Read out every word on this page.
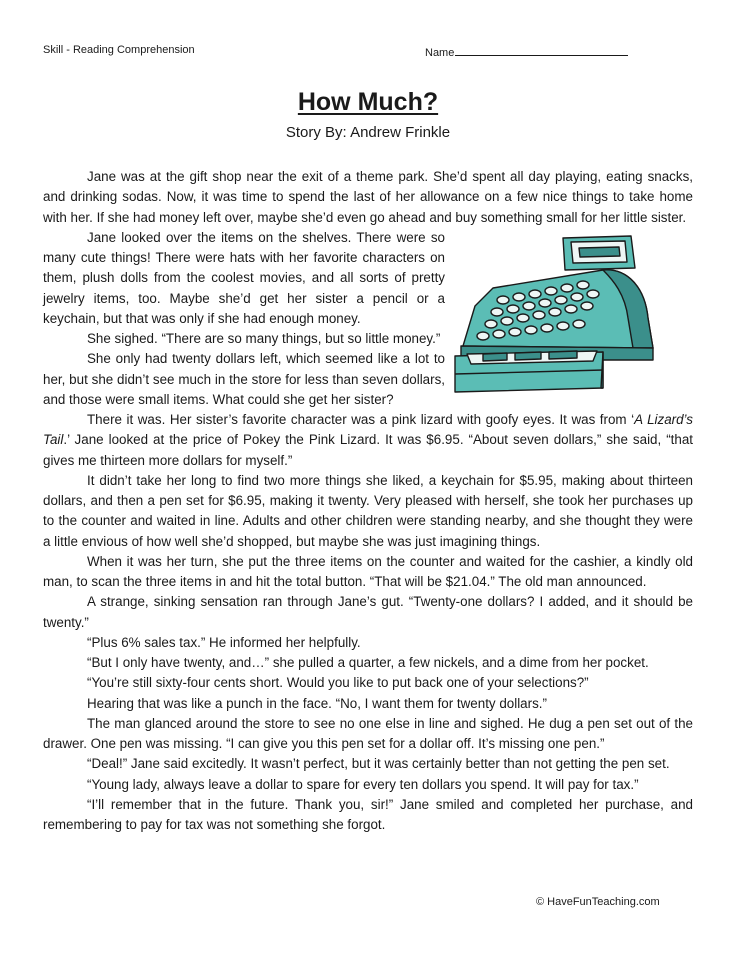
Skill - Reading Comprehension	Name
How Much?
Story By: Andrew Frinkle

Jane was at the gift shop near the exit of a theme park. She’d spent all day playing, eating snacks, and drinking sodas. Now, it was time to spend the last of her allowance on a few nice things to take home with her. If she had money left over, maybe she’d even go ahead and buy something small for her little sister.

Jane looked over the items on the shelves. There were so many cute things! There were hats with her favorite characters on them, plush dolls from the coolest movies, and all sorts of pretty jewelry items, too. Maybe she’d get her sister a pencil or a keychain, but that was only if she had enough money.

She sighed. “There are so many things, but so little money.”

She only had twenty dollars left, which seemed like a lot to her, but she didn’t see much in the store for less than seven dollars, and those were small items. What could she get her sister?

There it was. Her sister’s favorite character was a pink lizard with goofy eyes. It was from ‘A Lizard’s Tail.’ Jane looked at the price of Pokey the Pink Lizard. It was $6.95. “About seven dollars,” she said, “that gives me thirteen more dollars for myself.”

It didn’t take her long to find two more things she liked, a keychain for $5.95, making about thirteen dollars, and then a pen set for $6.95, making it twenty. Very pleased with herself, she took her purchases up to the counter and waited in line. Adults and other children were standing nearby, and she thought they were a little envious of how well she’d shopped, but maybe she was just imagining things.

When it was her turn, she put the three items on the counter and waited for the cashier, a kindly old man, to scan the three items in and hit the total button. “That will be $21.04.” The old man announced.

A strange, sinking sensation ran through Jane’s gut. “Twenty-one dollars? I added, and it should be twenty.”

“Plus 6% sales tax.” He informed her helpfully.

“But I only have twenty, and…” she pulled a quarter, a few nickels, and a dime from her pocket.

“You’re still sixty-four cents short. Would you like to put back one of your selections?”

Hearing that was like a punch in the face. “No, I want them for twenty dollars.”

The man glanced around the store to see no one else in line and sighed. He dug a pen set out of the drawer. One pen was missing. “I can give you this pen set for a dollar off. It’s missing one pen.”

“Deal!” Jane said excitedly. It wasn’t perfect, but it was certainly better than not getting the pen set.

“Young lady, always leave a dollar to spare for every ten dollars you spend. It will pay for tax.”

“I’ll remember that in the future. Thank you, sir!” Jane smiled and completed her purchase, and remembering to pay for tax was not something she forgot.

© HaveFunTeaching.com
